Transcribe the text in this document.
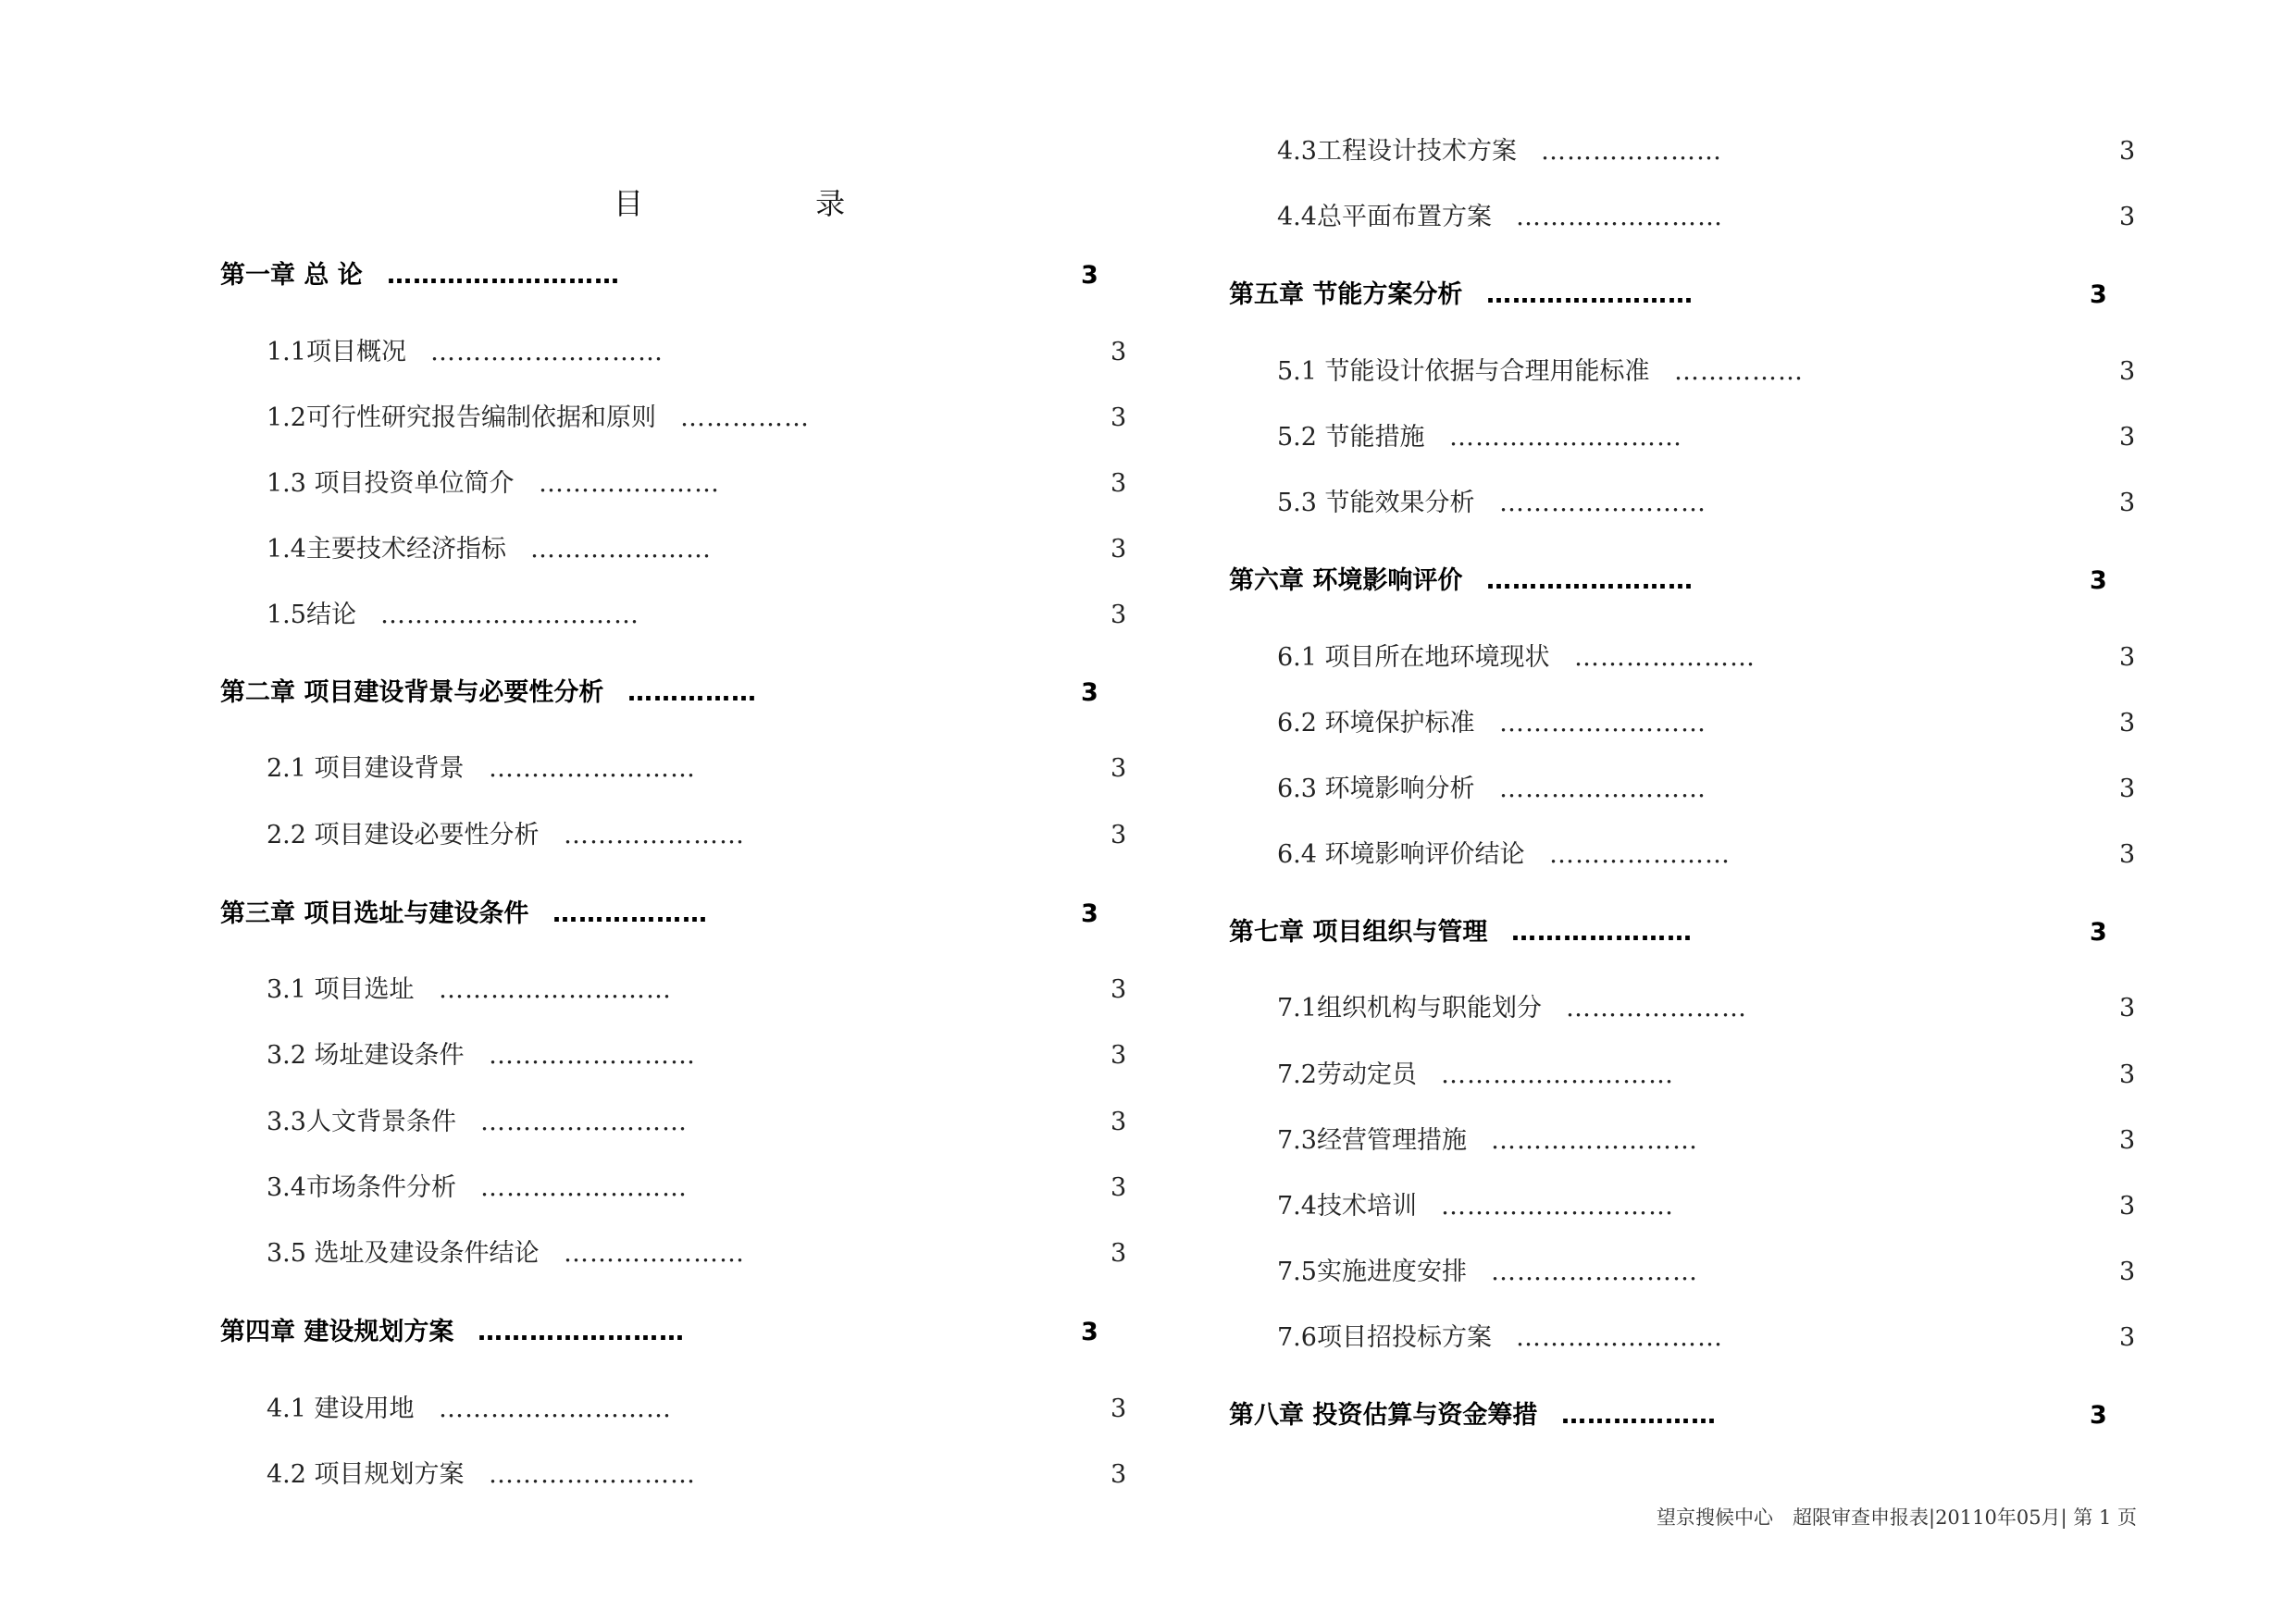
目 录
第一章 总 论 ………………………	3
1.1项目概况 ………………………	3
1.2可行性研究报告编制依据和原则 ……………	3
1.3 项目投资单位简介 …………………	3
1.4主要技术经济指标 …………………	3
1.5结论 …………………………	3
第二章 项目建设背景与必要性分析 ……………	3
2.1 项目建设背景 ……………………	3
2.2 项目建设必要性分析 …………………	3
第三章 项目选址与建设条件 ………………	3
3.1 项目选址 ………………………	3
3.2 场址建设条件 ……………………	3
3.3人文背景条件 ……………………	3
3.4市场条件分析 ……………………	3
3.5 选址及建设条件结论 …………………	3
第四章 建设规划方案 ……………………	3
4.1 建设用地 ………………………	3
4.2 项目规划方案 ……………………	3
4.3工程设计技术方案 …………………	3
4.4总平面布置方案 ……………………	3
第五章 节能方案分析 ……………………	3
5.1 节能设计依据与合理用能标准 ……………	3
5.2 节能措施 ………………………	3
5.3 节能效果分析 ……………………	3
第六章 环境影响评价 ……………………	3
6.1 项目所在地环境现状 …………………	3
6.2 环境保护标准 ……………………	3
6.3 环境影响分析 ……………………	3
6.4 环境影响评价结论 …………………	3
第七章 项目组织与管理 …………………	3
7.1组织机构与职能划分 …………………	3
7.2劳动定员 ………………………	3
7.3经营管理措施 ……………………	3
7.4技术培训 ………………………	3
7.5实施进度安排 ……………………	3
7.6项目招投标方案 ……………………	3
第八章 投资估算与资金筹措 ………………	3
望京搜候中心　超限审查申报表|20110年05月| 第 1 页
